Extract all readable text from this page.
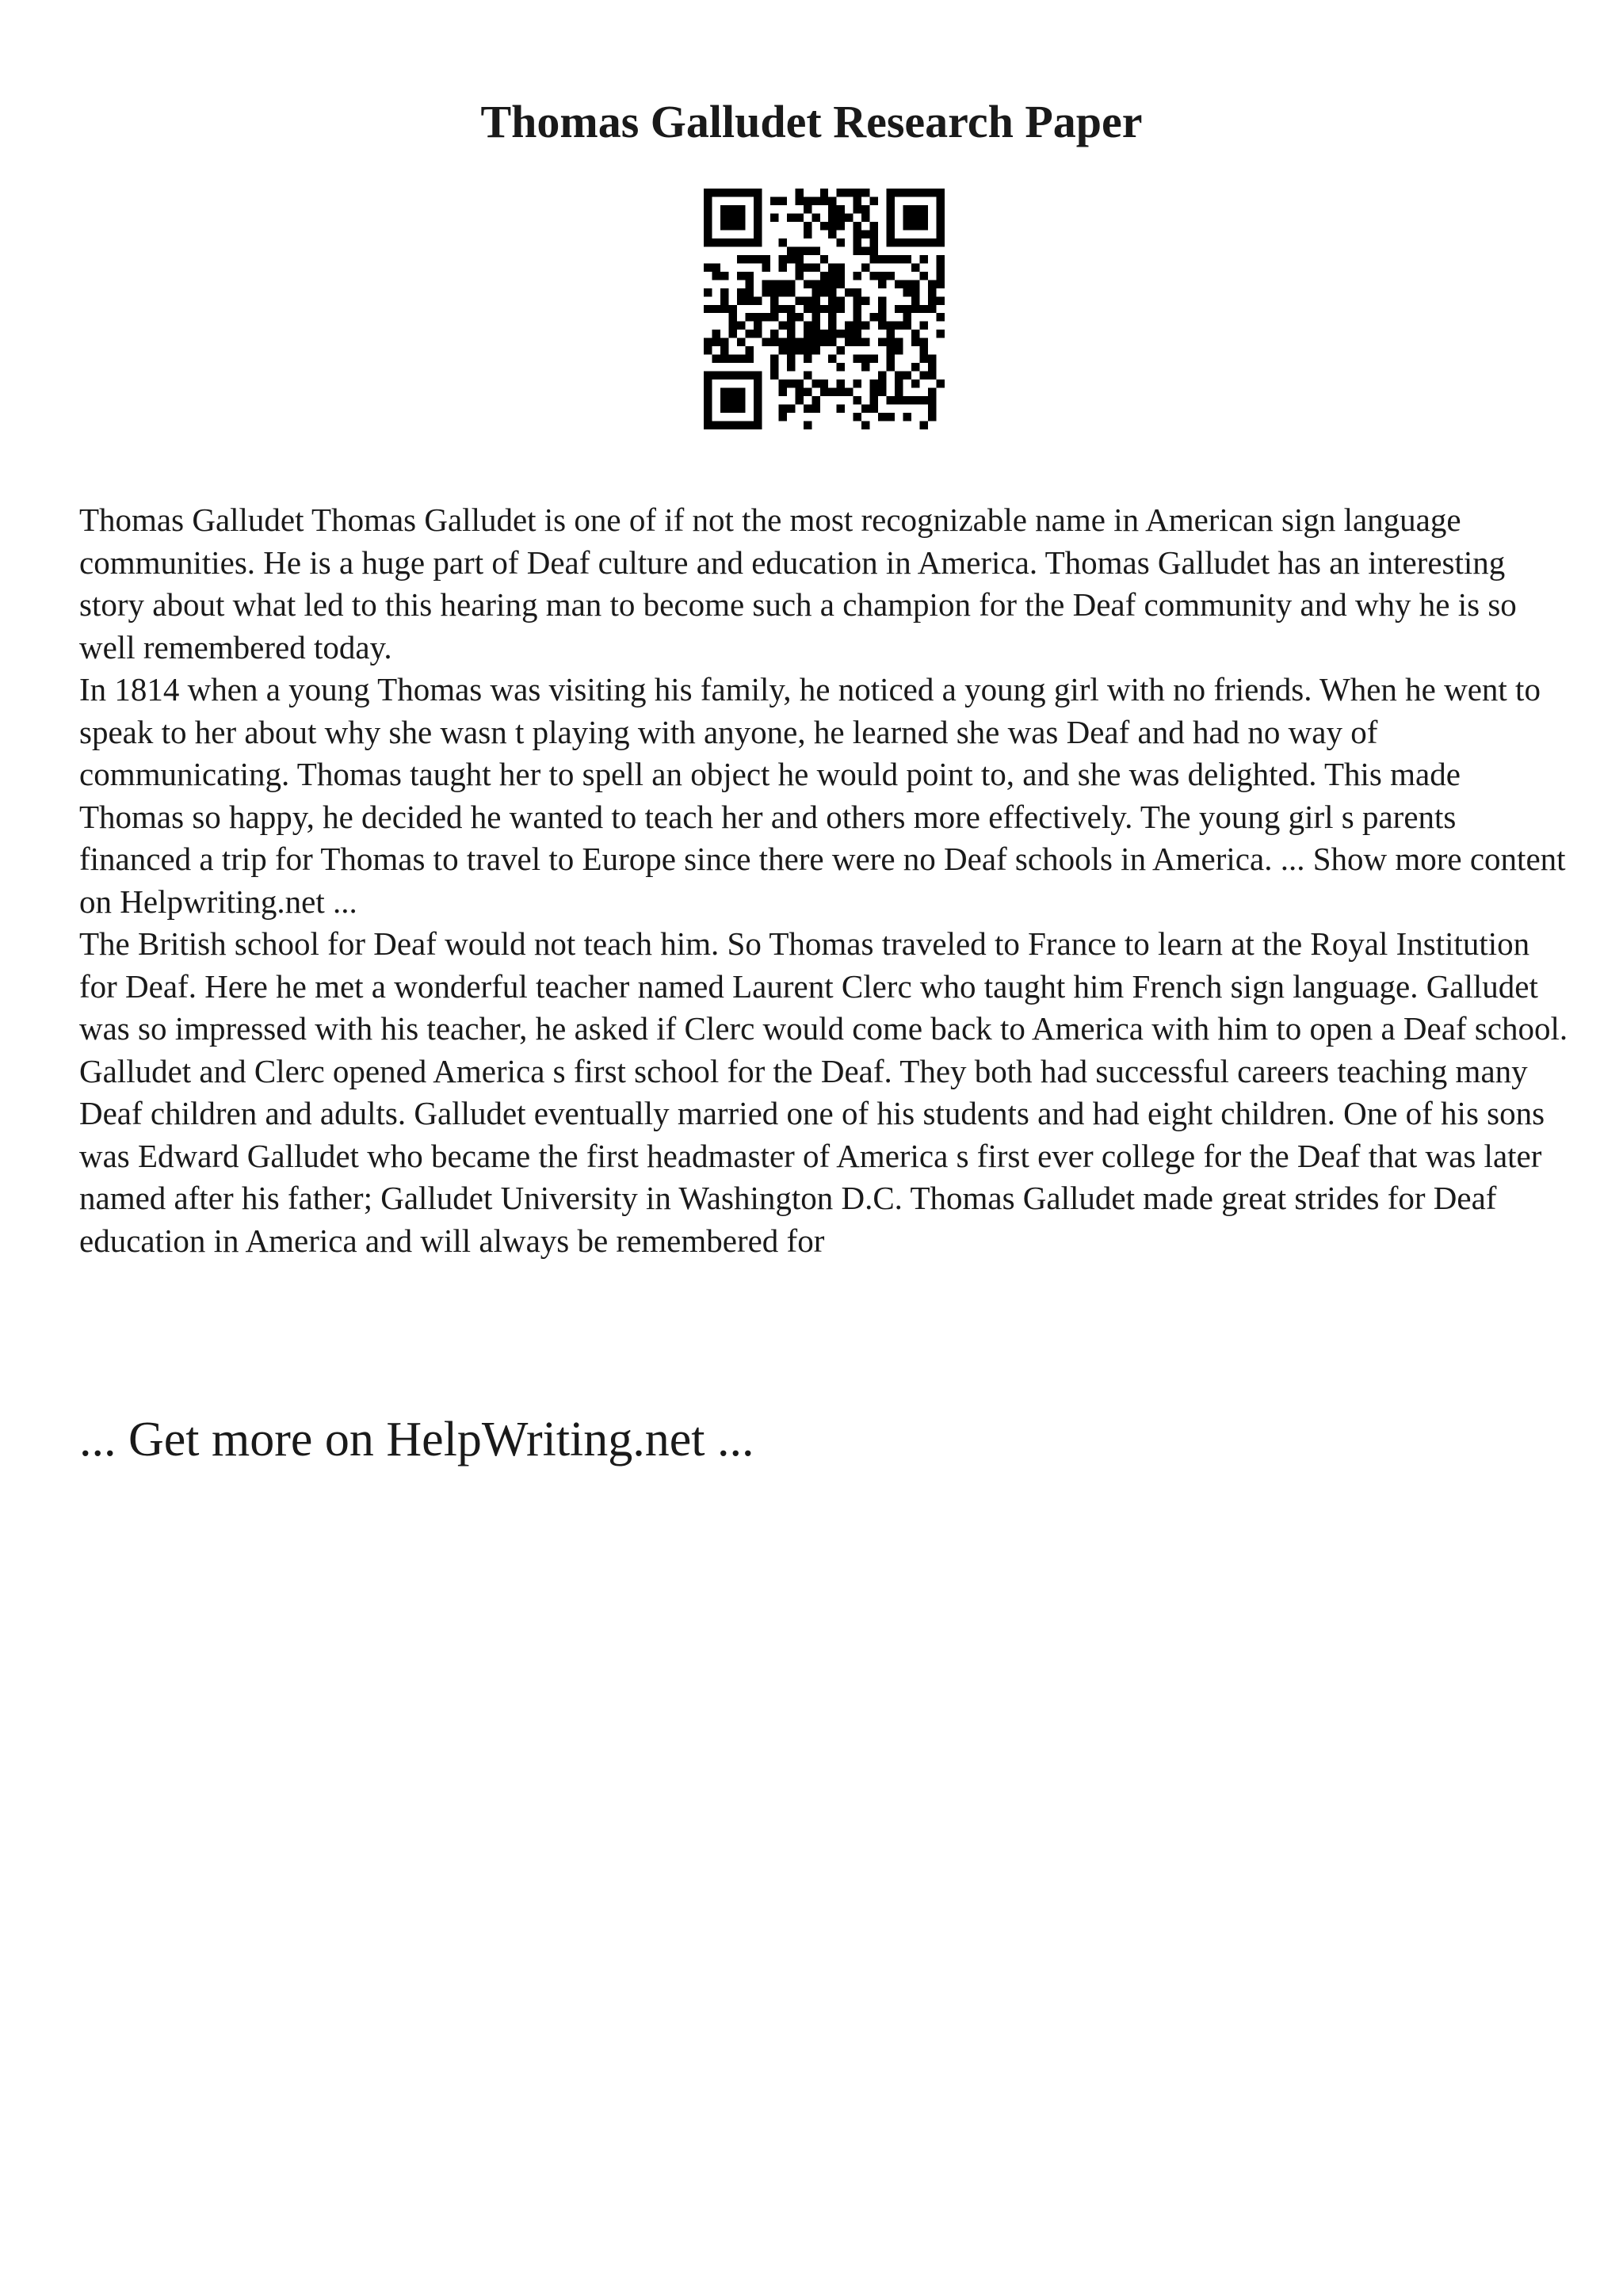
Thomas Galludet Research Paper

Thomas Galludet Thomas Galludet is one of if not the most recognizable name in American sign language communities. He is a huge part of Deaf culture and education in America. Thomas Galludet has an interesting story about what led to this hearing man to become such a champion for the Deaf community and why he is so well remembered today.

In 1814 when a young Thomas was visiting his family, he noticed a young girl with no friends. When he went to speak to her about why she wasn t playing with anyone, he learned she was Deaf and had no way of communicating. Thomas taught her to spell an object he would point to, and she was delighted. This made Thomas so happy, he decided he wanted to teach her and others more effectively. The young girl s parents financed a trip for Thomas to travel to Europe since there were no Deaf schools in America. ... Show more content on Helpwriting.net ...

The British school for Deaf would not teach him. So Thomas traveled to France to learn at the Royal Institution for Deaf. Here he met a wonderful teacher named Laurent Clerc who taught him French sign language. Galludet was so impressed with his teacher, he asked if Clerc would come back to America with him to open a Deaf school.

Galludet and Clerc opened America s first school for the Deaf. They both had successful careers teaching many Deaf children and adults. Galludet eventually married one of his students and had eight children. One of his sons was Edward Galludet who became the first headmaster of America s first ever college for the Deaf that was later named after his father; Galludet University in Washington D.C. Thomas Galludet made great strides for Deaf education in America and will always be remembered for

... Get more on HelpWriting.net ...
